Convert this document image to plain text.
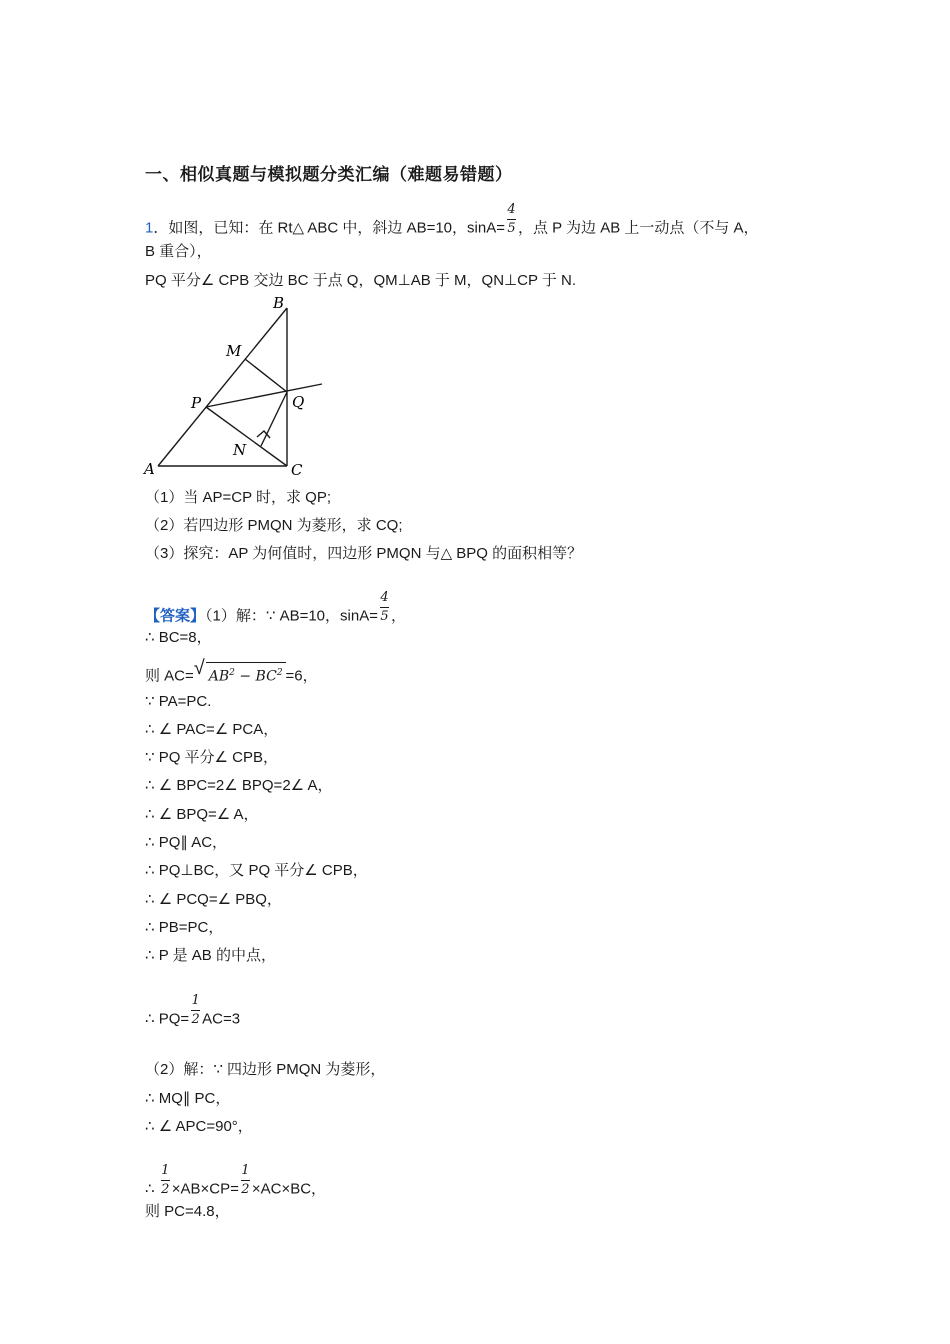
一、相似真题与模拟题分类汇编（难题易错题）
1．如图，已知：在 Rt△ ABC 中，斜边 AB=10，$\sin A= \frac{4}{5}$ ，点 P 为边 AB 上一动点（不与 A，
B 重合），
PQ 平分∠ CPB 交边 BC 于点 Q，QM⊥AB 于 M，QN⊥CP 于 N.
A
B
C
P	Q
M
N
（1）当 AP=CP 时，求 QP;
（2）若四边形 PMQN 为菱形，求 CQ;
（3）探究：AP 为何值时，四边形 PMQN 与△ BPQ 的面积相等？
【答案】（1）解：∵ AB=10，$\sin A= \frac{4}{5}$ ，
∴ BC=8，
则 AC= √ $AB^2 - BC^2 =6$，
∵ PA=PC.
∴ ∠ PAC=∠ PCA，
∵ PQ 平分∠ CPB，
∴ ∠ BPC=2∠ BPQ=2∠ A，
∴ ∠ BPQ=∠ A，
∴ PQ∥ AC，
∴ PQ⊥BC，又 PQ 平分∠ CPB，
∴ ∠ PCQ=∠ PBQ，
∴ PB=PC，
∴ P 是 AB 的中点，
∴ $PQ= \frac{1}{2} AC=3$
（2）解：∵ 四边形 PMQN 为菱形，
∴ MQ∥ PC，
∴ ∠ APC=90°，
∴ $\frac{1}{2} \times AB\times CP= \frac{1}{2} \times AC\times BC$，
则 PC=4.8，
